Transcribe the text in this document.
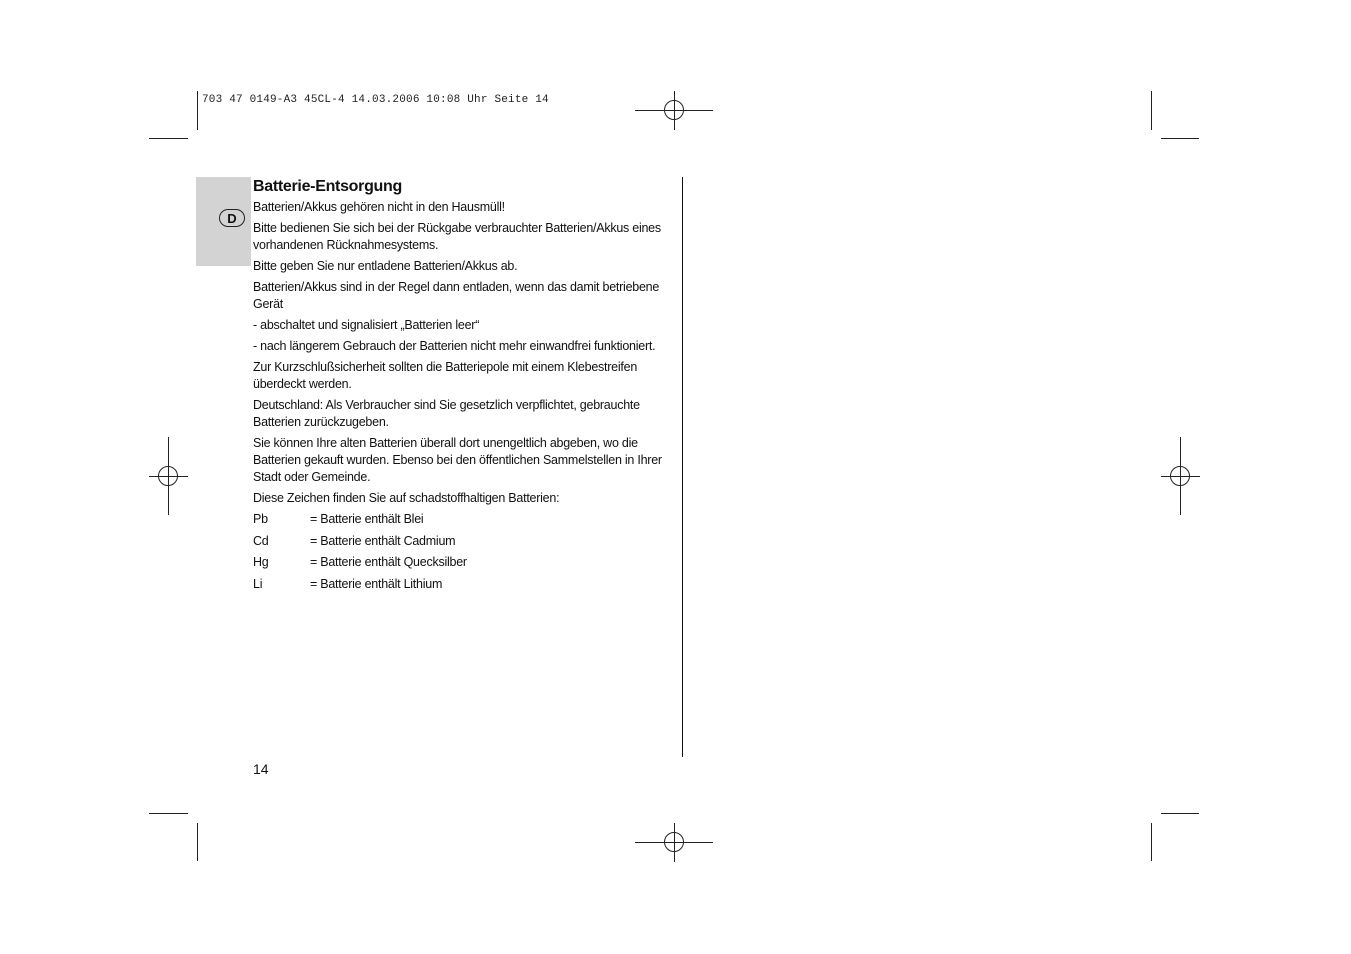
703 47 0149-A3 45CL-4 14.03.2006 10:08 Uhr Seite 14
D
Batterie-Entsorgung

Batterien/Akkus gehören nicht in den Hausmüll!

Bitte bedienen Sie sich bei der Rückgabe verbrauchter Batterien/Akkus eines vorhandenen Rücknahmesystems.

Bitte geben Sie nur entladene Batterien/Akkus ab.

Batterien/Akkus sind in der Regel dann entladen, wenn das damit betriebene Gerät

- abschaltet und signalisiert „Batterien leer“

- nach längerem Gebrauch der Batterien nicht mehr einwandfrei funktioniert.

Zur Kurzschlußsicherheit sollten die Batteriepole mit einem Klebestreifen überdeckt werden.

Deutschland: Als Verbraucher sind Sie gesetzlich verpflichtet, gebrauchte Batterien zurückzugeben.

Sie können Ihre alten Batterien überall dort unengeltlich abgeben, wo die Batterien gekauft wurden. Ebenso bei den öffentlichen Sammelstellen in Ihrer Stadt oder Gemeinde.

Diese Zeichen finden Sie auf schadstoffhaltigen Batterien:

Pb	= Batterie enthält Blei
Cd	= Batterie enthält Cadmium
Hg	= Batterie enthält Quecksilber
Li	= Batterie enthält Lithium
14
